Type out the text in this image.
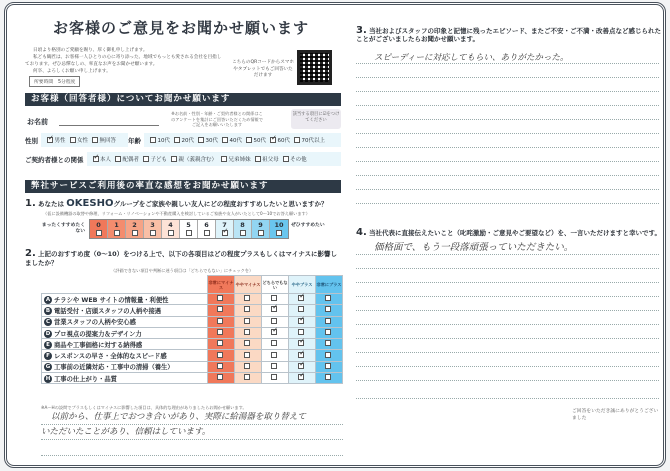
お客様のご意見をお聞かせ願います

日頃より格別のご愛顧を賜り、厚く御礼申し上げます。

私ども鶴匠は、お客様一人ひとりの心に寄り添った、地域でもっとも愛される会社を目指しております。ぜひ忌憚なしの、率直なお声をお聞かせ願います。

何卒、よろしくお願い申し上げます。

所要時間　5分程度
こちらのQRコードからスマホやタブレットでもご回答いただけます
お客様（回答者様）についてお聞かせ願います
お名前
※お名前・性別・年齢・ご契約者様との関係はこのアンケートを集計にご回答いただくため情報でご記入をお願いいたします
該当する項目に☑をつけてください
性別 ✓	男性 女性 無回答 年齢	10代 20代 30代 40代 50代 ✓ 60代 70代以上
ご契約者様との関係 ✓	本人 配偶者 子ども 親（義親含む） 兄弟姉妹 祖父母 その他
弊社サービスご利用後の率直な感想をお聞かせ願います
1. あなたは OKESHOグループをご家族や親しい友人にどの程度おすすめしたいと思いますか？
（仮に設備機器の取替や修理、リフォーム・リノベーションや不動産購入を検討しているご家族や友人がいたとして0〜10でお答え願います）
まったくすすめたくない
0 1 2 3 4 5 6 7
✓ 8 9 10 ぜひすすめたい
2. 上記のおすすめ度（0〜10）をつける上で、以下の各項目はどの程度プラスもしくはマイナスに影響しましたか？
（評価できない項目や判断に迷う項目は「どちらでもない」にチェックを）
	非常にマイナス	ややマイナス	どちらでもない	ややプラス	非常にプラス
A チラシや WEB サイトの情報量・利便性				✓	
B 電話受付・店頭スタッフの人柄や接遇			✓		
C 営業スタッフの人柄や安心感				✓	
D プロ視点の提案力＆デザイン力			✓		
E 商品や工事価格に対する納得感				✓	
F レスポンスの早さ・全体的なスピード感				✓	
G 工事前の近隣対応・工事中の清掃（養生）				✓	
H 工事の仕上がり・品質				✓	
※A〜Hの設問でプラスもしくはマイナスに影響した項目は、具体的な理由がありましたらお聞かせ願います。
以前から、仕事上でおつき合いがあり、実際に給湯器を取り替えて
いただいたことがあり、信頼はしています。
3. 当社およびスタッフの印象と記憶に残ったエピソード、またご不安・ご不満・改善点など感じられたことがございましたらお聞かせ願います。
スピーディーに対応してもらい、ありがたかった。
4. 当社代表に直接伝えたいこと（叱咤激励・ご意見やご要望など）を、一言いただけますと幸いです。
価格面で、もう一段落頑張っていただきたい。
ご回答をいただき誠にありがとうございました
